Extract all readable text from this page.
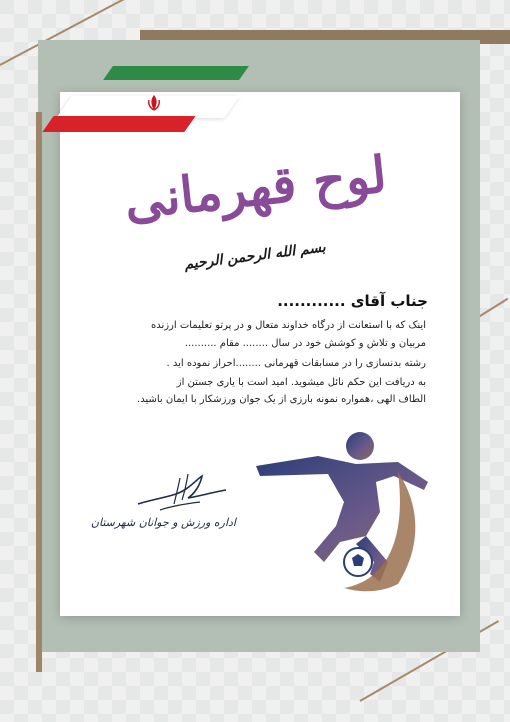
لوح قهرمانی
بسم الله الرحمن الرحیم
جناب آقای ............
اینک که با استعانت از درگاه خداوند متعال و در پرتو تعلیمات ارزنده
مربیان و تلاش و کوشش خود در سال ........ مقام ..........
رشته بدنسازی را در مسابقات قهرمانی ........احراز نموده اید .
به دریافت این حکم نائل میشوید. امید است با یاری جستن از
الطاف الهی ،همواره نمونه بارزی از یک جوان ورزشکار با ایمان باشید.
اداره ورزش و جوانان شهرستان
